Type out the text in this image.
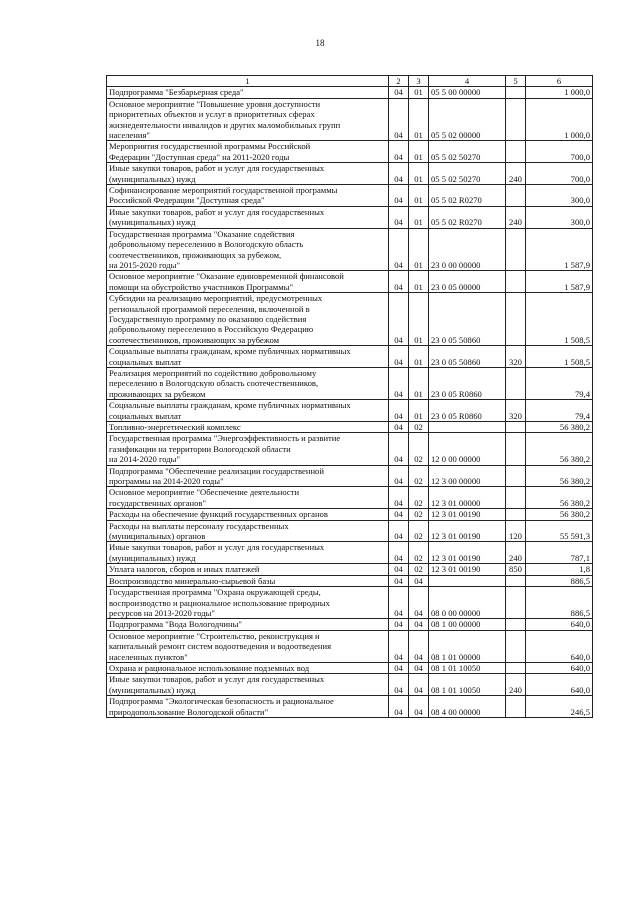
18
1	2	3	4	5	6

Подпрограмма "Безбарьерная среда"	04	01	05 5 00 00000		1 000,0

Основное мероприятие "Повышение уровня доступности
приоритетных объектов и услуг в приоритетных сферах
жизнедеятельности инвалидов и других маломобильных групп
населения"	04	01	05 5 02 00000		1 000,0

Мероприятия государственной программы Российской
Федерации "Доступная среда" на 2011-2020 годы	04	01	05 5 02 50270		700,0

Иные закупки товаров, работ и услуг для государственных
(муниципальных) нужд	04	01	05 5 02 50270	240	700,0

Софинансирование мероприятий государственной программы
Российской Федерации "Доступная среда"	04	01	05 5 02 R0270		300,0

Иные закупки товаров, работ и услуг для государственных
(муниципальных) нужд	04	01	05 5 02 R0270	240	300,0

Государственная программа "Оказание содействия
добровольному переселению в Вологодскую область
соотечественников, проживающих за рубежом,
на 2015-2020 годы"	04	01	23 0 00 00000		1 587,9

Основное мероприятие "Оказание единовременной финансовой
помощи на обустройство участников Программы"	04	01	23 0 05 00000		1 587,9

Субсидии на реализацию мероприятий, предусмотренных
региональной программой переселения, включенной в
Государственную программу по оказанию содействия
добровольному переселению в Российскую Федерацию
соотечественников, проживающих за рубежом	04	01	23 0 05 50860		1 508,5

Социальные выплаты гражданам, кроме публичных нормативных
социальных выплат	04	01	23 0 05 50860	320	1 508,5

Реализация мероприятий по содействию добровольному
переселению в Вологодскую область соотечественников,
проживающих за рубежом	04	01	23 0 05 R0860		79,4

Социальные выплаты гражданам, кроме публичных нормативных
социальных выплат	04	01	23 0 05 R0860	320	79,4

Топливно-энергетический комплекс	04	02			56 380,2

Государственная программа "Энергоэффективность и развитие
газификации на территории Вологодской области
на 2014-2020 годы"	04	02	12 0 00 00000		56 380,2

Подпрограмма "Обеспечение реализации государственной
программы на 2014-2020 годы"	04	02	12 3 00 00000		56 380,2

Основное мероприятие "Обеспечение деятельности
государственных органов"	04	02	12 3 01 00000		56 380,2

Расходы на обеспечение функций государственных органов	04	02	12 3 01 00190		56 380,2

Расходы на выплаты персоналу государственных
(муниципальных) органов	04	02	12 3 01 00190	120	55 591,3

Иные закупки товаров, работ и услуг для государственных
(муниципальных) нужд	04	02	12 3 01 00190	240	787,1

Уплата налогов, сборов и иных платежей	04	02	12 3 01 00190	850	1,8

Воспроизводство минерально-сырьевой базы	04	04			886,5

Государственная программа "Охрана окружающей среды,
воспроизводство и рациональное использование природных
ресурсов на 2013-2020 годы"	04	04	08 0 00 00000		886,5

Подпрограмма "Вода Вологодчины"	04	04	08 1 00 00000		640,0

Основное мероприятие "Строительство, реконструкция и
капитальный ремонт систем водоотведения и водоотведения
населенных пунктов"	04	04	08 1 01 00000		640,0

Охрана и рациональное использование подземных вод	04	04	08 1 01 10050		640,0

Иные закупки товаров, работ и услуг для государственных
(муниципальных) нужд	04	04	08 1 01 10050	240	640,0

Подпрограмма "Экологическая безопасность и рациональное
природопользование Вологодской области"	04	04	08 4 00 00000		246,5
